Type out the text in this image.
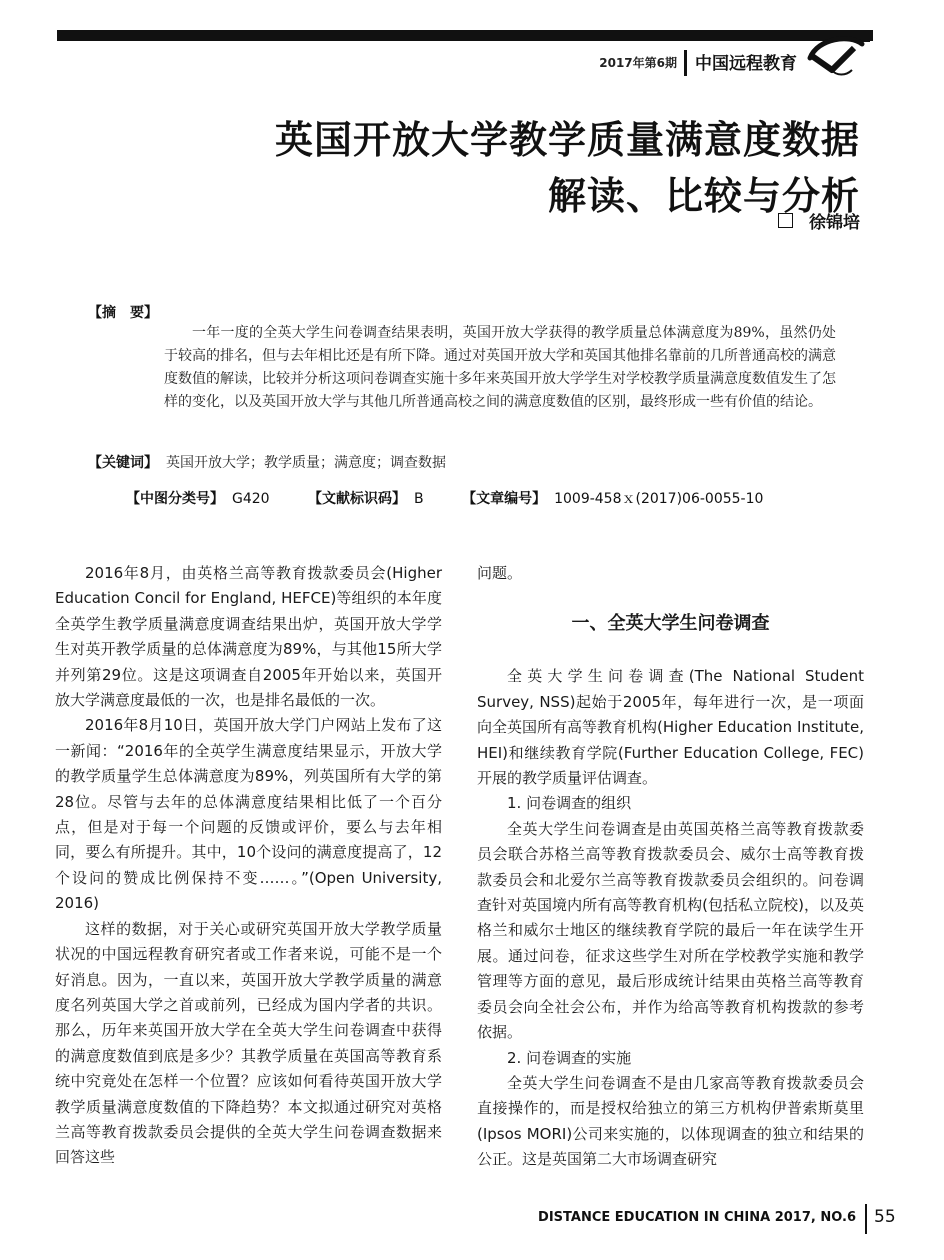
2017年第6期 中国远程教育
英国开放大学教学质量满意度数据
解读、比较与分析
徐锦培
【摘　要】
一年一度的全英大学生问卷调查结果表明，英国开放大学获得的教学质量总体满意度为89%，虽然仍处于较高的排名，但与去年相比还是有所下降。通过对英国开放大学和英国其他排名靠前的几所普通高校的满意度数值的解读，比较并分析这项问卷调查实施十多年来英国开放大学学生对学校教学质量满意度数值发生了怎样的变化，以及英国开放大学与其他几所普通高校之间的满意度数值的区别，最终形成一些有价值的结论。
【关键词】 英国开放大学；教学质量；满意度；调查数据
【中图分类号】 G420	【文献标识码】 B	【文章编号】 1009-458ｘ(2017)06-0055-10

2016年8月，由英格兰高等教育拨款委员会(Higher Education Concil for England, HEFCE)等组织的本年度全英学生教学质量满意度调查结果出炉，英国开放大学学生对英开教学质量的总体满意度为89%，与其他15所大学并列第29位。这是这项调查自2005年开始以来，英国开放大学满意度最低的一次，也是排名最低的一次。

2016年8月10日，英国开放大学门户网站上发布了这一新闻：“2016年的全英学生满意度结果显示，开放大学的教学质量学生总体满意度为89%，列英国所有大学的第28位。尽管与去年的总体满意度结果相比低了一个百分点，但是对于每一个问题的反馈或评价，要么与去年相同，要么有所提升。其中，10个设问的满意度提高了，12个设问的赞成比例保持不变……。”(Open University, 2016)

这样的数据，对于关心或研究英国开放大学教学质量状况的中国远程教育研究者或工作者来说，可能不是一个好消息。因为，一直以来，英国开放大学教学质量的满意度名列英国大学之首或前列，已经成为国内学者的共识。那么，历年来英国开放大学在全英大学生问卷调查中获得的满意度数值到底是多少？其教学质量在英国高等教育系统中究竟处在怎样一个位置？应该如何看待英国开放大学教学质量满意度数值的下降趋势？本文拟通过研究对英格兰高等教育拨款委员会提供的全英大学生问卷调查数据来回答这些

问题。

一、全英大学生问卷调查

全英大学生问卷调查(The National Student Survey, NSS)起始于2005年，每年进行一次，是一项面向全英国所有高等教育机构(Higher Education Institute, HEI)和继续教育学院(Further Education College, FEC)开展的教学质量评估调查。

1. 问卷调查的组织

全英大学生问卷调查是由英国英格兰高等教育拨款委员会联合苏格兰高等教育拨款委员会、威尔士高等教育拨款委员会和北爱尔兰高等教育拨款委员会组织的。问卷调查针对英国境内所有高等教育机构(包括私立院校)，以及英格兰和威尔士地区的继续教育学院的最后一年在读学生开展。通过问卷，征求这些学生对所在学校教学实施和教学管理等方面的意见，最后形成统计结果由英格兰高等教育委员会向全社会公布，并作为给高等教育机构拨款的参考依据。

2. 问卷调查的实施

全英大学生问卷调查不是由几家高等教育拨款委员会直接操作的，而是授权给独立的第三方机构伊普索斯莫里(Ipsos MORI)公司来实施的，以体现调查的独立和结果的公正。这是英国第二大市场调查研究

DISTANCE EDUCATION IN CHINA 2017, NO.6 55
